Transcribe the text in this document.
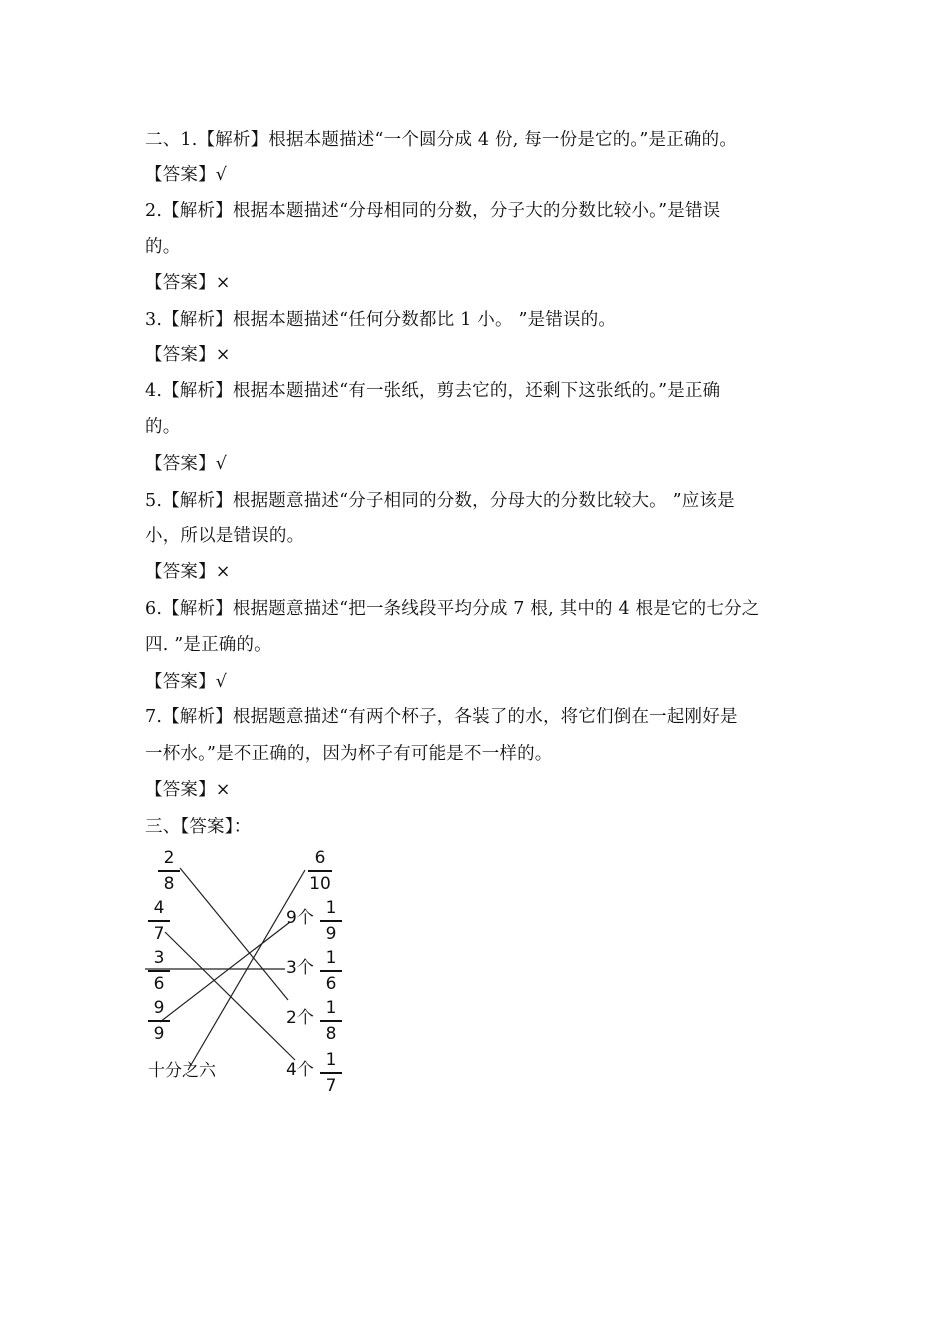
二、1.【解析】根据本题描述“一个圆分成 4 份, 每一份是它的。”是正确的。
【答案】√
2.【解析】根据本题描述“分母相同的分数，分子大的分数比较小。”是错误
的。
【答案】×
3.【解析】根据本题描述“任何分数都比 1 小。 ”是错误的。
【答案】×
4.【解析】根据本题描述“有一张纸，剪去它的，还剩下这张纸的。”是正确
的。
【答案】√
5.【解析】根据题意描述“分子相同的分数，分母大的分数比较大。 ”应该是
小，所以是错误的。
【答案】×
6.【解析】根据题意描述“把一条线段平均分成 7 根, 其中的 4 根是它的七分之
四. ”是正确的。
【答案】√
7.【解析】根据题意描述“有两个杯子，各装了的水，将它们倒在一起刚好是
一杯水。”是不正确的，因为杯子有可能是不一样的。
【答案】×
三、【答案】：
2
8
4
7
3
6
9
9
十分之六
6
10
9个 1
9
3个 1
6
2个 1
8
4个 1
7
